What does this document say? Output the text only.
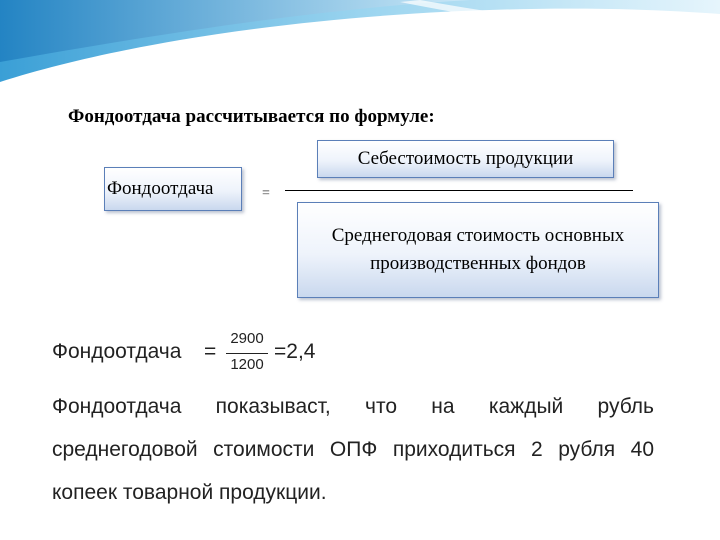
Фондоотдача рассчитывается по формуле:
Фондоотдача	=
Себестоимость продукции
Среднегодовая стоимость основных производственных фондов
Фондоотдача =
2900
1200
=2,4
Фондоотдача показываст, что на каждый рубль среднегодовой стоимости ОПФ приходиться 2 рубля 40 копеек товарной продукции.
